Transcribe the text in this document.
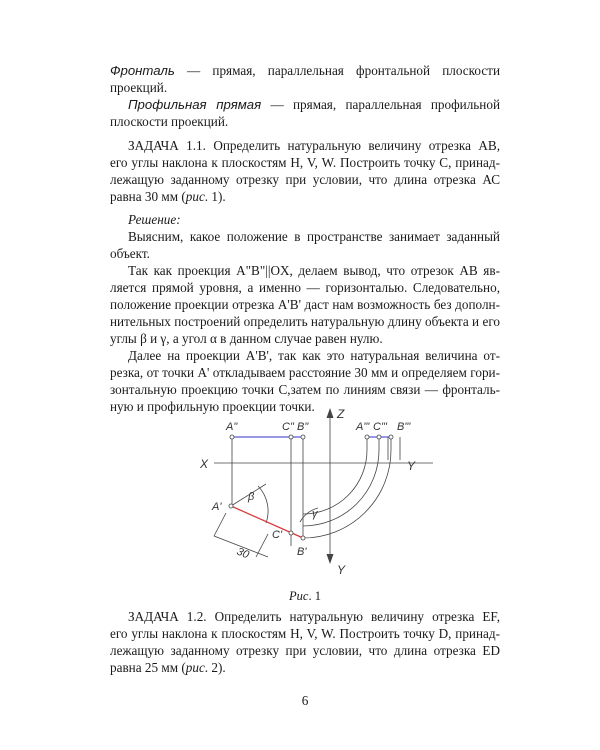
Фронталь — прямая, параллельная фронтальной плоскости
проекций.
Профильная прямая — прямая, параллельная профильной
плоскости проекций.
ЗАДАЧА 1.1. Определить натуральную величину отрезка AB,
его углы наклона к плоскостям H, V, W. Построить точку С, принад-
лежащую заданному отрезку при условии, что длина отрезка АС
равна 30 мм (рис. 1).
Решение:
Выясним, какое положение в пространстве занимает заданный
объект.
Так как проекция A"B"||OX, делаем вывод, что отрезок AB яв-
ляется прямой уровня, а именно — горизонталью. Следовательно,
положение проекции отрезка A'B' даст нам возможность без дополн-
нительных построений определить натуральную длину объекта и его
углы β и γ, а угол α в данном случае равен нулю.
Далее на проекции A'B', так как это натуральная величина от-
резка, от точки A' откладываем расстояние 30 мм и определяем гори-
зонтальную проекцию точки С,затем по линиям связи — фронталь-
ную и профильную проекции точки.
A"	C" B"	A"' C"' B"'
Z
X	Y
Y
A'
C'
B'
β
γ
30
Рис. 1
ЗАДАЧА 1.2. Определить натуральную величину отрезка EF,
его углы наклона к плоскостям H, V, W. Построить точку D, принад-
лежащую заданному отрезку при условии, что длина отрезка ED
равна 25 мм (рис. 2).
6
